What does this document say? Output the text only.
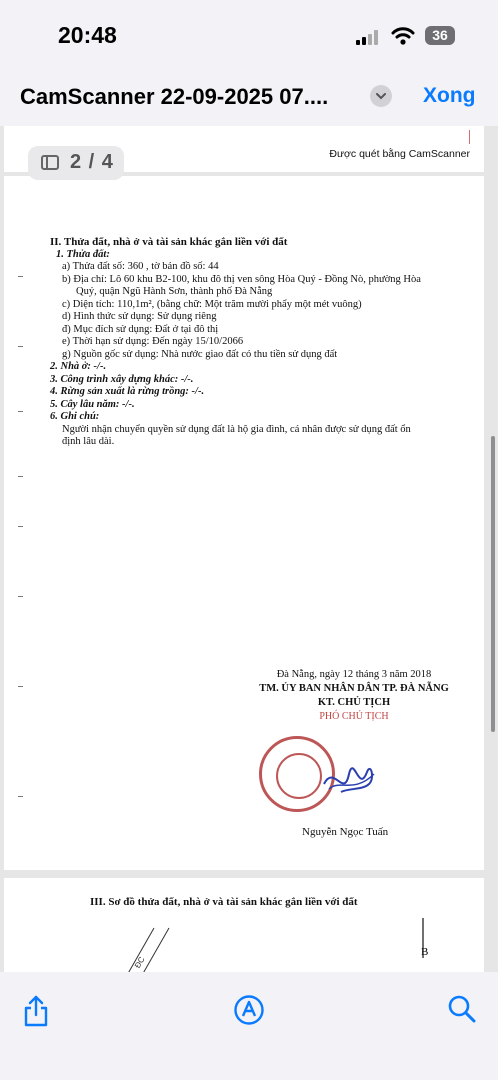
20:48	36
CamScanner 22-09-2025 07....	Xong
Được quét bằng CamScanner
II. Thửa đất, nhà ở và tài sản khác gắn liền với đất
1. Thửa đất:
a) Thửa đất số: 360 , tờ bản đồ số: 44
b) Địa chỉ: Lô 60 khu B2-100, khu đô thị ven sông Hòa Quý - Đồng Nò, phường Hòa
Quý, quận Ngũ Hành Sơn, thành phố Đà Nẵng
c) Diện tích: 110,1m², (bằng chữ: Một trăm mười phẩy một mét vuông)
d) Hình thức sử dụng: Sử dụng riêng
đ) Mục đích sử dụng: Đất ở tại đô thị
e) Thời hạn sử dụng: Đến ngày 15/10/2066
g) Nguồn gốc sử dụng: Nhà nước giao đất có thu tiền sử dụng đất
2. Nhà ở: -/-.
3. Công trình xây dựng khác: -/-.
4. Rừng sản xuất là rừng trồng: -/-.
5. Cây lâu năm: -/-.
6. Ghi chú:
Người nhận chuyển quyền sử dụng đất là hộ gia đình, cá nhân được sử dụng đất ổn
định lâu dài.
Đà Nẵng, ngày 12 tháng 3 năm 2018
TM. ỦY BAN NHÂN DÂN TP. ĐÀ NẴNG
KT. CHỦ TỊCH
PHÓ CHỦ TỊCH
Nguyễn Ngọc Tuấn
III. Sơ đồ thửa đất, nhà ở và tài sản khác gắn liền với đất
ĐC
B
2 / 4
